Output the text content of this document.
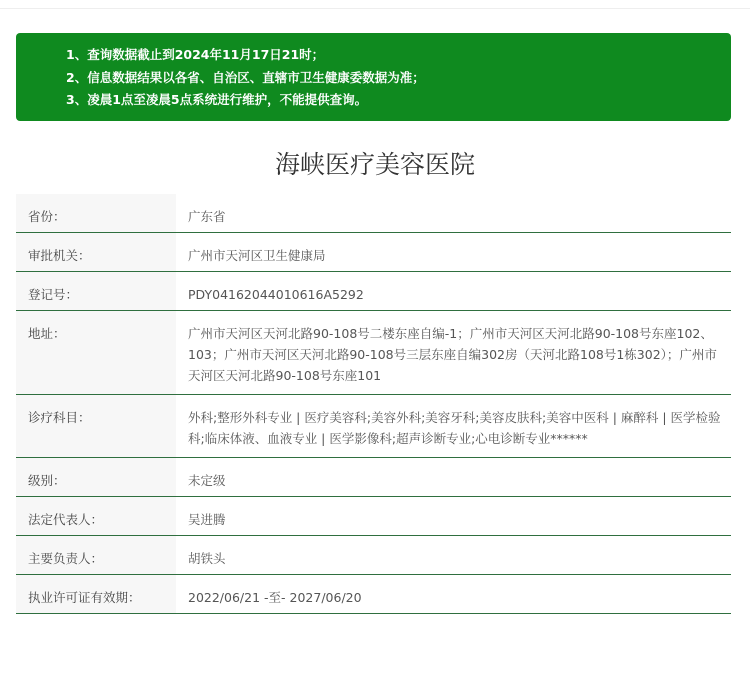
1、查询数据截止到2024年11月17日21时；
2、信息数据结果以各省、自治区、直辖市卫生健康委数据为准；
3、凌晨1点至凌晨5点系统进行维护，不能提供查询。
海峡医疗美容医院
省份：	广东省
审批机关：	广州市天河区卫生健康局
登记号：	PDY04162044010616A5292
地址：	广州市天河区天河北路90-108号二楼东座自编-1；广州市天河区天河北路90-108号东座102、103；广州市天河区天河北路90-108号三层东座自编302房（天河北路108号1栋302）；广州市天河区天河北路90-108号东座101
诊疗科目：	外科;整形外科专业 | 医疗美容科;美容外科;美容牙科;美容皮肤科;美容中医科 | 麻醉科 | 医学检验科;临床体液、血液专业 | 医学影像科;超声诊断专业;心电诊断专业******
级别：	未定级
法定代表人：	吴进腾
主要负责人：	胡铁头
执业许可证有效期：	2022/06/21 -至- 2027/06/20
